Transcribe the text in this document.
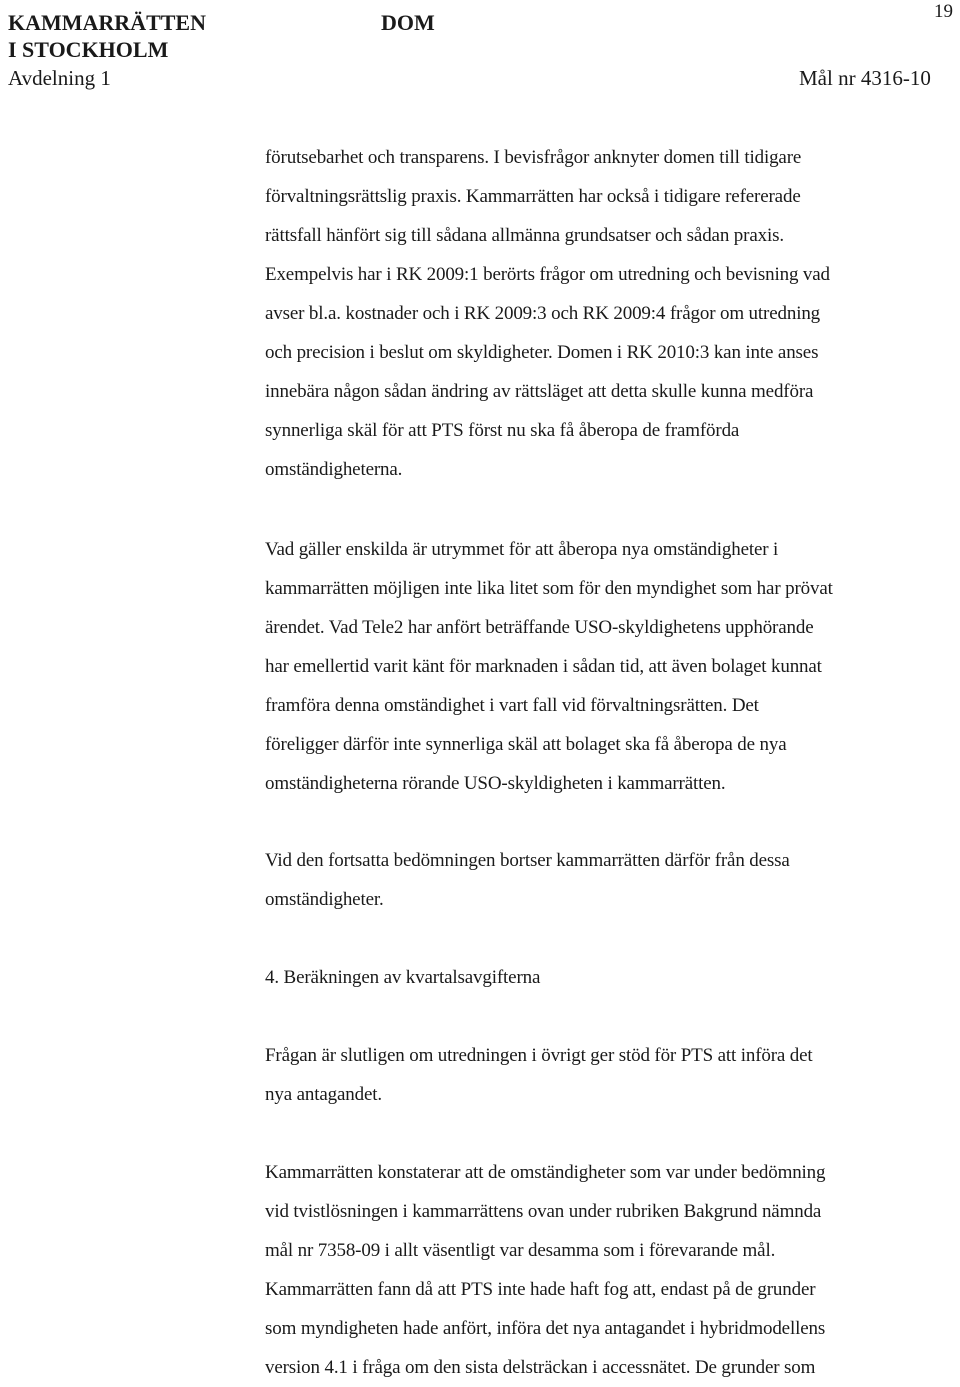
KAMMARRÄTTEN
I STOCKHOLM
DOM	19
Avdelning 1	Mål nr 4316-10
förutsebarhet och transparens. I bevisfrågor anknyter domen till tidigare
förvaltningsrättslig praxis. Kammarrätten har också i tidigare refererade
rättsfall hänfört sig till sådana allmänna grundsatser och sådan praxis.
Exempelvis har i RK 2009:1 berörts frågor om utredning och bevisning vad
avser bl.a. kostnader och i RK 2009:3 och RK 2009:4 frågor om utredning
och precision i beslut om skyldigheter. Domen i RK 2010:3 kan inte anses
innebära någon sådan ändring av rättsläget att detta skulle kunna medföra
synnerliga skäl för att PTS först nu ska få åberopa de framförda
omständigheterna.
Vad gäller enskilda är utrymmet för att åberopa nya omständigheter i
kammarrätten möjligen inte lika litet som för den myndighet som har prövat
ärendet. Vad Tele2 har anfört beträffande USO-skyldighetens upphörande
har emellertid varit känt för marknaden i sådan tid, att även bolaget kunnat
framföra denna omständighet i vart fall vid förvaltningsrätten. Det
föreligger därför inte synnerliga skäl att bolaget ska få åberopa de nya
omständigheterna rörande USO-skyldigheten i kammarrätten.
Vid den fortsatta bedömningen bortser kammarrätten därför från dessa
omständigheter.
4. Beräkningen av kvartalsavgifterna
Frågan är slutligen om utredningen i övrigt ger stöd för PTS att införa det
nya antagandet.
Kammarrätten konstaterar att de omständigheter som var under bedömning
vid tvistlösningen i kammarrättens ovan under rubriken Bakgrund nämnda
mål nr 7358-09 i allt väsentligt var desamma som i förevarande mål.
Kammarrätten fann då att PTS inte hade haft fog att, endast på de grunder
som myndigheten hade anfört, införa det nya antagandet i hybridmodellens
version 4.1 i fråga om den sista delsträckan i accessnätet. De grunder som
